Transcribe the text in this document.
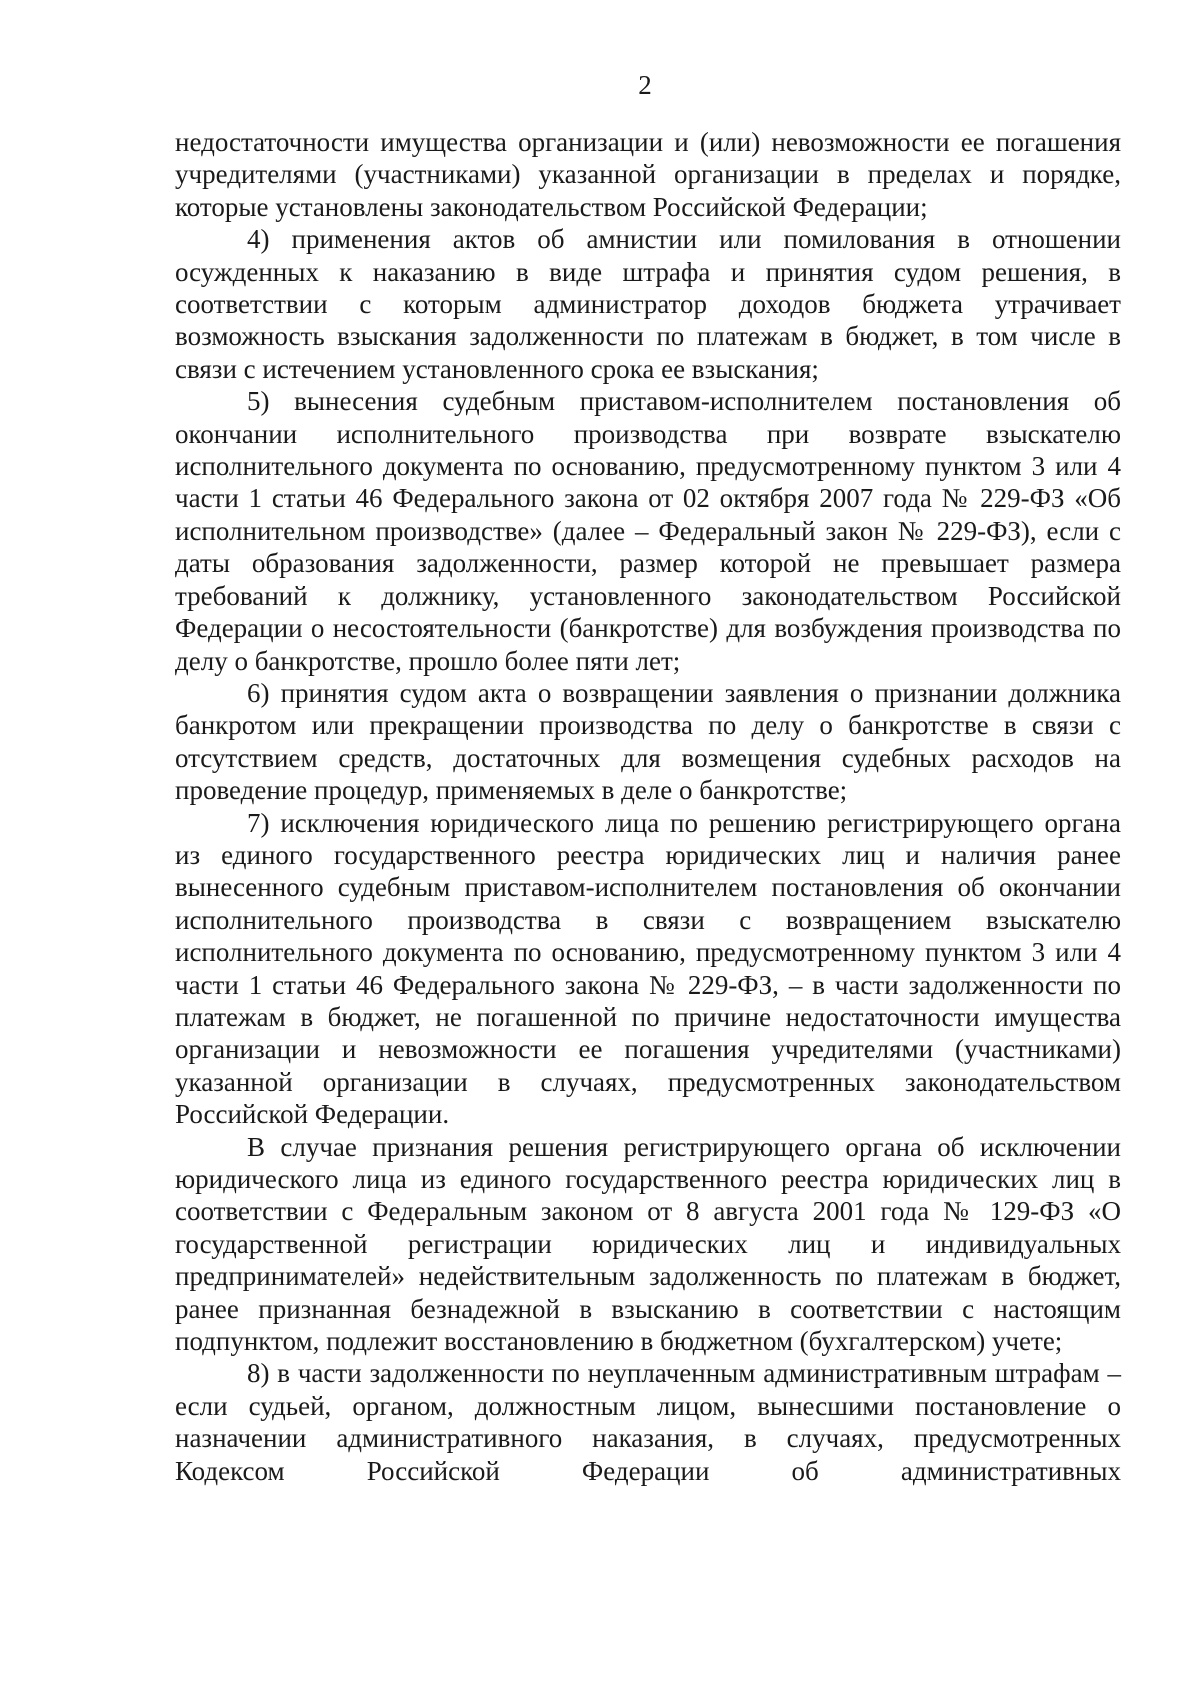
2

недостаточности имущества организации и (или) невозможности ее погашения учредителями (участниками) указанной организации в пределах и порядке, которые установлены законодательством Российской Федерации;

4) применения актов об амнистии или помилования в отношении осужденных к наказанию в виде штрафа и принятия судом решения, в соответствии с которым администратор доходов бюджета утрачивает возможность взыскания задолженности по платежам в бюджет, в том числе в связи с истечением установленного срока ее взыскания;

5) вынесения судебным приставом-исполнителем постановления об окончании исполнительного производства при возврате взыскателю исполнительного документа по основанию, предусмотренному пунктом 3 или 4 части 1 статьи 46 Федерального закона от 02 октября 2007 года № 229-ФЗ «Об исполнительном производстве» (далее – Федеральный закон № 229-ФЗ), если с даты образования задолженности, размер которой не превышает размера требований к должнику, установленного законодательством Российской Федерации о несостоятельности (банкротстве) для возбуждения производства по делу о банкротстве, прошло более пяти лет;

6) принятия судом акта о возвращении заявления о признании должника банкротом или прекращении производства по делу о банкротстве в связи с отсутствием средств, достаточных для возмещения судебных расходов на проведение процедур, применяемых в деле о банкротстве;

7) исключения юридического лица по решению регистрирующего органа из единого государственного реестра юридических лиц и наличия ранее вынесенного судебным приставом-исполнителем постановления об окончании исполнительного производства в связи с возвращением взыскателю исполнительного документа по основанию, предусмотренному пунктом 3 или 4 части 1 статьи 46 Федерального закона № 229-ФЗ, – в части задолженности по платежам в бюджет, не погашенной по причине недостаточности имущества организации и невозможности ее погашения учредителями (участниками) указанной организации в случаях, предусмотренных законодательством Российской Федерации.

В случае признания решения регистрирующего органа об исключении юридического лица из единого государственного реестра юридических лиц в соответствии с Федеральным законом от 8 августа 2001 года № 129-ФЗ «О государственной регистрации юридических лиц и индивидуальных предпринимателей» недействительным задолженность по платежам в бюджет, ранее признанная безнадежной в взысканию в соответствии с настоящим подпунктом, подлежит восстановлению в бюджетном (бухгалтерском) учете;

8) в части задолженности по неуплаченным административным штрафам – если судьей, органом, должностным лицом, вынесшими постановление о назначении административного наказания, в случаях, предусмотренных Кодексом Российской Федерации об административных
